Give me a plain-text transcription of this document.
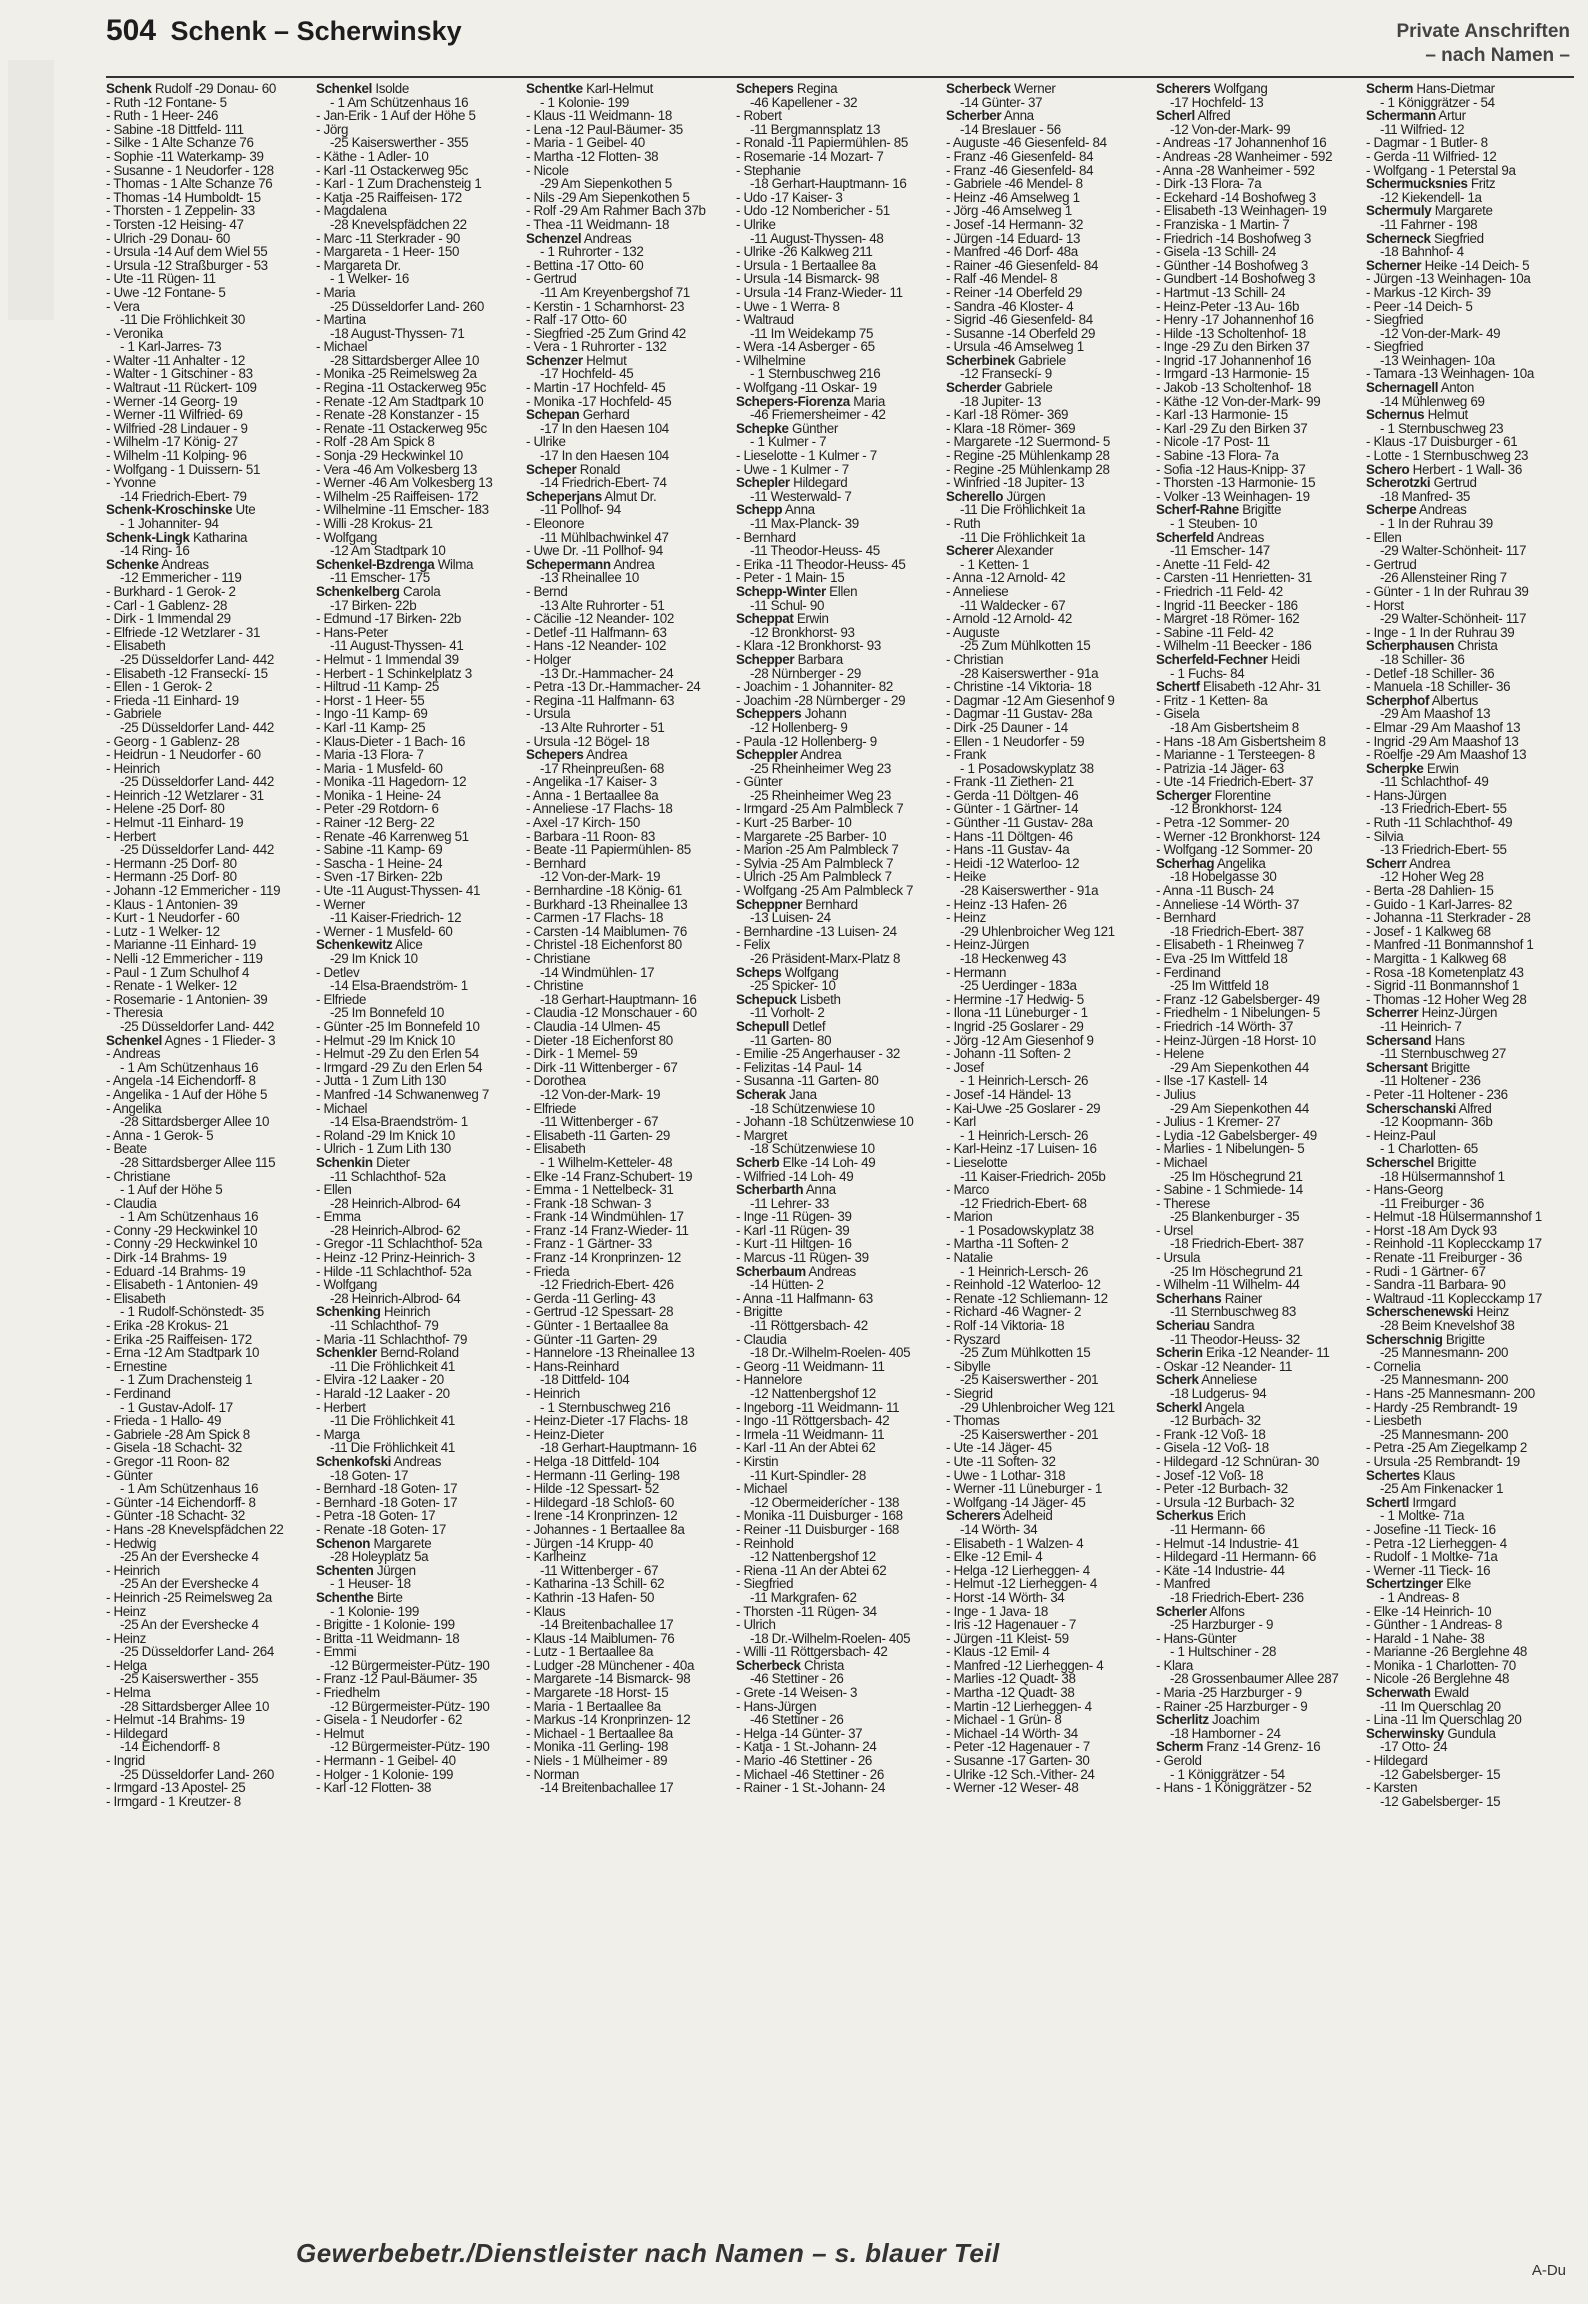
504 Schenk – Scherwinsky	Private Anschriften
– nach Namen –
Schenk Rudolf -29 Donau- 60
- Ruth -12 Fontane- 5
- Ruth - 1 Heer- 246
- Sabine -18 Dittfeld- 111
- Silke - 1 Alte Schanze 76
- Sophie -11 Waterkamp- 39
- Susanne - 1 Neudorfer - 128
- Thomas - 1 Alte Schanze 76
- Thomas -14 Humboldt- 15
- Thorsten - 1 Zeppelin- 33
- Torsten -12 Heising- 47
- Ulrich -29 Donau- 60
- Ursula -14 Auf dem Wiel 55
- Ursula -12 Straßburger - 53
- Ute -11 Rügen- 11
- Uwe -12 Fontane- 5
- Vera
-11 Die Fröhlichkeit 30
- Veronika
- 1 Karl-Jarres- 73
- Walter -11 Anhalter - 12
- Walter - 1 Gitschiner - 83
- Waltraut -11 Rückert- 109
- Werner -14 Georg- 19
- Werner -11 Wilfried- 69
- Wilfried -28 Lindauer - 9
- Wilhelm -17 König- 27
- Wilhelm -11 Kolping- 96
- Wolfgang - 1 Duissern- 51
- Yvonne
-14 Friedrich-Ebert- 79
Schenk-Kroschinske Ute
- 1 Johanniter- 94
Schenk-Lingk Katharina
-14 Ring- 16
Schenke Andreas
-12 Emmericher - 119
- Burkhard - 1 Gerok- 2
- Carl - 1 Gablenz- 28
- Dirk - 1 Immendal 29
- Elfriede -12 Wetzlarer - 31
- Elisabeth
-25 Düsseldorfer Land- 442
- Elisabeth -12 Franseckí- 15
- Ellen - 1 Gerok- 2
- Frieda -11 Einhard- 19
- Gabriele
-25 Düsseldorfer Land- 442
- Georg - 1 Gablenz- 28
- Heidrun - 1 Neudorfer - 60
- Heinrich
-25 Düsseldorfer Land- 442
- Heinrich -12 Wetzlarer - 31
- Helene -25 Dorf- 80
- Helmut -11 Einhard- 19
- Herbert
-25 Düsseldorfer Land- 442
- Hermann -25 Dorf- 80
- Hermann -25 Dorf- 80
- Johann -12 Emmericher - 119
- Klaus - 1 Antonien- 39
- Kurt - 1 Neudorfer - 60
- Lutz - 1 Welker- 12
- Marianne -11 Einhard- 19
- Nelli -12 Emmericher - 119
- Paul - 1 Zum Schulhof 4
- Renate - 1 Welker- 12
- Rosemarie - 1 Antonien- 39
- Theresia
-25 Düsseldorfer Land- 442
Schenkel Agnes - 1 Flieder- 3
- Andreas
- 1 Am Schützenhaus 16
- Angela -14 Eichendorff- 8
- Angelika - 1 Auf der Höhe 5
- Angelika
-28 Sittardsberger Allee 10
- Anna - 1 Gerok- 5
- Beate
-28 Sittardsberger Allee 115
- Christiane
- 1 Auf der Höhe 5
- Claudia
- 1 Am Schützenhaus 16
- Conny -29 Heckwinkel 10
- Conny -29 Heckwinkel 10
- Dirk -14 Brahms- 19
- Eduard -14 Brahms- 19
- Elisabeth - 1 Antonien- 49
- Elisabeth
- 1 Rudolf-Schönstedt- 35
- Erika -28 Krokus- 21
- Erika -25 Raiffeisen- 172
- Erna -12 Am Stadtpark 10
- Ernestine
- 1 Zum Drachensteig 1
- Ferdinand
- 1 Gustav-Adolf- 17
- Frieda - 1 Hallo- 49
- Gabriele -28 Am Spick 8
- Gisela -18 Schacht- 32
- Gregor -11 Roon- 82
- Günter
- 1 Am Schützenhaus 16
- Günter -14 Eichendorff- 8
- Günter -18 Schacht- 32
- Hans -28 Knevelspfädchen 22
- Hedwig
-25 An der Eversheckе 4
- Heinrich
-25 An der Eversheckе 4
- Heinrich -25 Reimelsweg 2a
- Heinz
-25 An der Eversheckе 4
- Heinz
-25 Düsseldorfer Land- 264
- Helga
-25 Kaiserswerther - 355
- Helma
-28 Sittardsberger Allee 10
- Helmut -14 Brahms- 19
- Hildegard
-14 Eichendorff- 8
- Ingrid
-25 Düsseldorfer Land- 260
- Irmgard -13 Apostel- 25
- Irmgard - 1 Kreutzer- 8
Schenkel Isolde
- 1 Am Schützenhaus 16
- Jan-Erik - 1 Auf der Höhe 5
- Jörg
-25 Kaiserswerther - 355
- Käthe - 1 Adler- 10
- Karl -11 Ostackerweg 95c
- Karl - 1 Zum Drachensteig 1
- Katja -25 Raiffeisen- 172
- Magdalena
-28 Knevelspfädchen 22
- Marc -11 Sterkrader - 90
- Margareta - 1 Heer- 150
- Margareta Dr.
- 1 Welker- 16
- Maria
-25 Düsseldorfer Land- 260
- Martina
-18 August-Thyssen- 71
- Michael
-28 Sittardsberger Allee 10
- Monika -25 Reimelsweg 2a
- Regina -11 Ostackerweg 95c
- Renate -12 Am Stadtpark 10
- Renate -28 Konstanzer - 15
- Renate -11 Ostackerweg 95c
- Rolf -28 Am Spick 8
- Sonja -29 Heckwinkel 10
- Vera -46 Am Volkesberg 13
- Werner -46 Am Volkesberg 13
- Wilhelm -25 Raiffeisen- 172
- Wilhelmine -11 Emscher- 183
- Willi -28 Krokus- 21
- Wolfgang
-12 Am Stadtpark 10
Schenkel-Bzdrenga Wilma
-11 Emscher- 175
Schenkelberg Carola
-17 Birken- 22b
- Edmund -17 Birken- 22b
- Hans-Peter
-11 August-Thyssen- 41
- Helmut - 1 Immendal 39
- Herbert - 1 Schinkelplatz 3
- Hiltrud -11 Kamp- 25
- Horst - 1 Heer- 55
- Ingo -11 Kamp- 69
- Karl -11 Kamp- 25
- Klaus-Dieter - 1 Bach- 16
- Maria -13 Flora- 7
- Maria - 1 Musfeld- 60
- Monika -11 Hagedorn- 12
- Monika - 1 Heine- 24
- Peter -29 Rotdorn- 6
- Rainer -12 Berg- 22
- Renate -46 Karrenweg 51
- Sabine -11 Kamp- 69
- Sascha - 1 Heine- 24
- Sven -17 Birken- 22b
- Ute -11 August-Thyssen- 41
- Werner
-11 Kaiser-Friedrich- 12
- Werner - 1 Musfeld- 60
Schenkewitz Alice
-29 Im Knick 10
- Detlev
-14 Elsa-Braendström- 1
- Elfriede
-25 Im Bonnefeld 10
- Günter -25 Im Bonnefeld 10
- Helmut -29 Im Knick 10
- Helmut -29 Zu den Erlen 54
- Irmgard -29 Zu den Erlen 54
- Jutta - 1 Zum Lith 130
- Manfred -14 Schwanenweg 7
- Michael
-14 Elsa-Braendström- 1
- Roland -29 Im Knick 10
- Ulrich - 1 Zum Lith 130
Schenkin Dieter
-11 Schlachthof- 52a
- Ellen
-28 Heinrich-Albrod- 64
- Emma
-28 Heinrich-Albrod- 62
- Gregor -11 Schlachthof- 52a
- Heinz -12 Prinz-Heinrich- 3
- Hilde -11 Schlachthof- 52a
- Wolfgang
-28 Heinrich-Albrod- 64
Schenking Heinrich
-11 Schlachthof- 79
- Maria -11 Schlachthof- 79
Schenkler Bernd-Roland
-11 Die Fröhlichkeit 41
- Elvira -12 Laaker - 20
- Harald -12 Laaker - 20
- Herbert
-11 Die Fröhlichkeit 41
- Marga
-11 Die Fröhlichkeit 41
Schenkofski Andreas
-18 Goten- 17
- Bernhard -18 Goten- 17
- Bernhard -18 Goten- 17
- Petra -18 Goten- 17
- Renate -18 Goten- 17
Schenon Margarete
-28 Holeyplatz 5a
Schenten Jürgen
- 1 Heuser- 18
Schenthe Birte
- 1 Kolonie- 199
- Brigitte - 1 Kolonie- 199
- Britta -11 Weidmann- 18
- Emmi
-12 Bürgermeister-Pütz- 190
- Franz -12 Paul-Bäumer- 35
- Friedhelm
-12 Bürgermeister-Pütz- 190
- Gisela - 1 Neudorfer - 62
- Helmut
-12 Bürgermeister-Pütz- 190
- Hermann - 1 Geibel- 40
- Holger - 1 Kolonie- 199
- Karl -12 Flotten- 38
Schentke Karl-Helmut
- 1 Kolonie- 199
- Klaus -11 Weidmann- 18
- Lena -12 Paul-Bäumer- 35
- Maria - 1 Geibel- 40
- Martha -12 Flotten- 38
- Nicole
-29 Am Siepenkothen 5
- Nils -29 Am Siepenkothen 5
- Rolf -29 Am Rahmer Bach 37b
- Thea -11 Weidmann- 18
Schenzel Andreas
- 1 Ruhrorter - 132
- Bettina -17 Otto- 60
- Gertrud
-11 Am Kreyenbergshof 71
- Kerstin - 1 Scharnhorst- 23
- Ralf -17 Otto- 60
- Siegfried -25 Zum Grind 42
- Vera - 1 Ruhrorter - 132
Schenzer Helmut
-17 Hochfeld- 45
- Martin -17 Hochfeld- 45
- Monika -17 Hochfeld- 45
Schepan Gerhard
-17 In den Haesen 104
- Ulrike
-17 In den Haesen 104
Scheper Ronald
-14 Friedrich-Ebert- 74
Scheperjans Almut Dr.
-11 Pollhof- 94
- Eleonore
-11 Mühlbachwinkel 47
- Uwe Dr. -11 Pollhof- 94
Schepermann Andrea
-13 Rheinallee 10
- Bernd
-13 Alte Ruhrorter - 51
- Cäcilie -12 Neander- 102
- Detlef -11 Halfmann- 63
- Hans -12 Neander- 102
- Holger
-13 Dr.-Hammacher- 24
- Petra -13 Dr.-Hammacher- 24
- Regina -11 Halfmann- 63
- Ursula
-13 Alte Ruhrorter - 51
- Ursula -12 Bögel- 18
Schepers Andrea
-17 Rheinpreußen- 68
- Angelika -17 Kaiser- 3
- Anna - 1 Bertaallee 8a
- Anneliese -17 Flachs- 18
- Axel -17 Kirch- 150
- Barbara -11 Roon- 83
- Beate -11 Papiermühlen- 85
- Bernhard
-12 Von-der-Mark- 19
- Bernhardine -18 König- 61
- Burkhard -13 Rheinallee 13
- Carmen -17 Flachs- 18
- Carsten -14 Maiblumen- 76
- Christel -18 Eichenforst 80
- Christiane
-14 Windmühlen- 17
- Christine
-18 Gerhart-Hauptmann- 16
- Claudia -12 Monschauer - 60
- Claudia -14 Ulmen- 45
- Dieter -18 Eichenforst 80
- Dirk - 1 Memel- 59
- Dirk -11 Wittenberger - 67
- Dorothea
-12 Von-der-Mark- 19
- Elfriede
-11 Wittenberger - 67
- Elisabeth -11 Garten- 29
- Elisabeth
- 1 Wilhelm-Ketteler- 48
- Elke -14 Franz-Schubert- 19
- Emma - 1 Nettelbeck- 31
- Frank -18 Schwan- 3
- Frank -14 Windmühlen- 17
- Franz -14 Franz-Wieder- 11
- Franz - 1 Gärtner- 33
- Franz -14 Kronprinzen- 12
- Frieda
-12 Friedrich-Ebert- 426
- Gerda -11 Gerling- 43
- Gertrud -12 Spessart- 28
- Günter - 1 Bertaallee 8a
- Günter -11 Garten- 29
- Hannelore -13 Rheinallee 13
- Hans-Reinhard
-18 Dittfeld- 104
- Heinrich
- 1 Sternbuschweg 216
- Heinz-Dieter -17 Flachs- 18
- Heinz-Dieter
-18 Gerhart-Hauptmann- 16
- Helga -18 Dittfeld- 104
- Hermann -11 Gerling- 198
- Hilde -12 Spessart- 52
- Hildegard -18 Schloß- 60
- Irene -14 Kronprinzen- 12
- Johannes - 1 Bertaallee 8a
- Jürgen -14 Krupp- 40
- Karlheinz
-11 Wittenberger - 67
- Katharina -13 Schill- 62
- Kathrin -13 Hafen- 50
- Klaus
-14 Breitenbachallee 17
- Klaus -14 Maiblumen- 76
- Lutz - 1 Bertaallee 8a
- Ludger -28 Münchener - 40a
- Margarete -14 Bismarck- 98
- Margarete -18 Horst- 15
- Maria - 1 Bertaallee 8a
- Markus -14 Kronprinzen- 12
- Michael - 1 Bertaallee 8a
- Monika -11 Gerling- 198
- Niels - 1 Mülheimer - 89
- Norman
-14 Breitenbachallee 17
Schepers Regina
-46 Kapellener - 32
- Robert
-11 Bergmannsplatz 13
- Ronald -11 Papiermühlen- 85
- Rosemarie -14 Mozart- 7
- Stephanie
-18 Gerhart-Hauptmann- 16
- Udo -17 Kaiser- 3
- Udo -12 Nombericher - 51
- Ulrike
-11 August-Thyssen- 48
- Ulrike -26 Kalkweg 211
- Ursula - 1 Bertaallee 8a
- Ursula -14 Bismarck- 98
- Ursula -14 Franz-Wieder- 11
- Uwe - 1 Werra- 8
- Waltraud
-11 Im Weidekamp 75
- Wera -14 Asberger - 65
- Wilhelmine
- 1 Sternbuschweg 216
- Wolfgang -11 Oskar- 19
Schepers-Fiorenza Maria
-46 Friemersheimer - 42
Schepke Günther
- 1 Kulmer - 7
- Lieselotte - 1 Kulmer - 7
- Uwe - 1 Kulmer - 7
Schepler Hildegard
-11 Westerwald- 7
Schepp Anna
-11 Max-Planck- 39
- Bernhard
-11 Theodor-Heuss- 45
- Erika -11 Theodor-Heuss- 45
- Peter - 1 Main- 15
Schepp-Winter Ellen
-11 Schul- 90
Scheppat Erwin
-12 Bronkhorst- 93
- Klara -12 Bronkhorst- 93
Schepper Barbara
-28 Nürnberger - 29
- Joachim - 1 Johanniter- 82
- Joachim -28 Nürnberger - 29
Scheppers Johann
-12 Hollenberg- 9
- Paula -12 Hollenberg- 9
Scheppler Andrea
-25 Rheinheimer Weg 23
- Günter
-25 Rheinheimer Weg 23
- Irmgard -25 Am Palmbleck 7
- Kurt -25 Barber- 10
- Margarete -25 Barber- 10
- Marion -25 Am Palmbleck 7
- Sylvia -25 Am Palmbleck 7
- Ulrich -25 Am Palmbleck 7
- Wolfgang -25 Am Palmbleck 7
Scheppner Bernhard
-13 Luisen- 24
- Bernhardine -13 Luisen- 24
- Felix
-26 Präsident-Marx-Platz 8
Scheps Wolfgang
-25 Spicker- 10
Schepuck Lisbeth
-11 Vorholt- 2
Schepull Detlef
-11 Garten- 80
- Emilie -25 Angerhauser - 32
- Felizitas -14 Paul- 14
- Susanna -11 Garten- 80
Scherak Jana
-18 Schützenwiese 10
- Johann -18 Schützenwiese 10
- Margret
-18 Schützenwiese 10
Scherb Elke -14 Loh- 49
- Wilfried -14 Loh- 49
Scherbarth Anna
-11 Lehrer- 33
- Inge -11 Rügen- 39
- Karl -11 Rügen- 39
- Kurt -11 Hiltgen- 16
- Marcus -11 Rügen- 39
Scherbaum Andreas
-14 Hütten- 2
- Anna -11 Halfmann- 63
- Brigitte
-11 Röttgersbach- 42
- Claudia
-18 Dr.-Wilhelm-Roelen- 405
- Georg -11 Weidmann- 11
- Hannelore
-12 Nattenbergshof 12
- Ingeborg -11 Weidmann- 11
- Ingo -11 Röttgersbach- 42
- Irmela -11 Weidmann- 11
- Karl -11 An der Abtei 62
- Kirstin
-11 Kurt-Spindler- 28
- Michael
-12 Obermeiderícher - 138
- Monika -11 Duisburger - 168
- Reiner -11 Duisburger - 168
- Reinhold
-12 Nattenbergshof 12
- Riena -11 An der Abtei 62
- Siegfried
-11 Markgrafen- 62
- Thorsten -11 Rügen- 34
- Ulrich
-18 Dr.-Wilhelm-Roelen- 405
- Willi -11 Röttgersbach- 42
Scherbeck Christa
-46 Stettiner - 26
- Grete -14 Weisen- 3
- Hans-Jürgen
-46 Stettiner - 26
- Helga -14 Günter- 37
- Katja - 1 St.-Johann- 24
- Mario -46 Stettiner - 26
- Michael -46 Stettiner - 26
- Rainer - 1 St.-Johann- 24
Scherbeck Werner
-14 Günter- 37
Scherber Anna
-14 Breslauer - 56
- Auguste -46 Giesenfeld- 84
- Franz -46 Giesenfeld- 84
- Franz -46 Giesenfeld- 84
- Gabriele -46 Mendel- 8
- Heinz -46 Amselweg 1
- Jörg -46 Amselweg 1
- Josef -14 Hermann- 32
- Jürgen -14 Eduard- 13
- Manfred -46 Dorf- 48a
- Rainer -46 Giesenfeld- 84
- Ralf -46 Mendel- 8
- Reiner -14 Oberfeld 29
- Sandra -46 Kloster- 4
- Sigrid -46 Giesenfeld- 84
- Susanne -14 Oberfeld 29
- Ursula -46 Amselweg 1
Scherbinek Gabriele
-12 Franseckí- 9
Scherder Gabriele
-18 Jupiter- 13
- Karl -18 Römer- 369
- Klara -18 Römer- 369
- Margarete -12 Suermond- 5
- Regine -25 Mühlenkamp 28
- Regine -25 Mühlenkamp 28
- Winfried -18 Jupiter- 13
Scherello Jürgen
-11 Die Fröhlichkeit 1a
- Ruth
-11 Die Fröhlichkeit 1a
Scherer Alexander
- 1 Ketten- 1
- Anna -12 Arnold- 42
- Anneliese
-11 Waldecker - 67
- Arnold -12 Arnold- 42
- Auguste
-25 Zum Mühlkotten 15
- Christian
-28 Kaiserswerther - 91a
- Christine -14 Viktoria- 18
- Dagmar -12 Am Giesenhof 9
- Dagmar -11 Gustav- 28a
- Dirk -25 Dauner - 14
- Ellen - 1 Neudorfer - 59
- Frank
- 1 Posadowskyplatz 38
- Frank -11 Ziethen- 21
- Gerda -11 Döltgen- 46
- Günter - 1 Gärtner- 14
- Günther -11 Gustav- 28a
- Hans -11 Döltgen- 46
- Hans -11 Gustav- 4a
- Heidi -12 Waterloo- 12
- Heike
-28 Kaiserswerther - 91a
- Heinz -13 Hafen- 26
- Heinz
-29 Uhlenbroicher Weg 121
- Heinz-Jürgen
-18 Heckenweg 43
- Hermann
-25 Uerdinger - 183a
- Hermine -17 Hedwig- 5
- Ilona -11 Lüneburger - 1
- Ingrid -25 Goslarer - 29
- Jörg -12 Am Giesenhof 9
- Johann -11 Soften- 2
- Josef
- 1 Heinrich-Lersch- 26
- Josef -14 Händel- 13
- Kai-Uwe -25 Goslarer - 29
- Karl
- 1 Heinrich-Lersch- 26
- Karl-Heinz -17 Luisen- 16
- Lieselotte
-11 Kaiser-Friedrich- 205b
- Marco
-12 Friedrich-Ebert- 68
- Marion
- 1 Posadowskyplatz 38
- Martha -11 Soften- 2
- Natalie
- 1 Heinrich-Lersch- 26
- Reinhold -12 Waterloo- 12
- Renate -12 Schliemann- 12
- Richard -46 Wagner- 2
- Rolf -14 Viktoria- 18
- Ryszard
-25 Zum Mühlkotten 15
- Sibylle
-25 Kaiserswerther - 201
- Siegrid
-29 Uhlenbroicher Weg 121
- Thomas
-25 Kaiserswerther - 201
- Ute -14 Jäger- 45
- Ute -11 Soften- 32
- Uwe - 1 Lothar- 318
- Werner -11 Lüneburger - 1
- Wolfgang -14 Jäger- 45
Scherers Adelheid
-14 Wörth- 34
- Elisabeth - 1 Walzen- 4
- Elke -12 Emil- 4
- Helga -12 Lierheggen- 4
- Helmut -12 Lierheggen- 4
- Horst -14 Wörth- 34
- Inge - 1 Java- 18
- Iris -12 Hagenauer - 7
- Jürgen -11 Kleist- 59
- Klaus -12 Emil- 4
- Manfred -12 Lierheggen- 4
- Marlies -12 Quadt- 38
- Martha -12 Quadt- 38
- Martin -12 Lierheggen- 4
- Michael - 1 Grün- 8
- Michael -14 Wörth- 34
- Peter -12 Hagenauer - 7
- Susanne -17 Garten- 30
- Ulrike -12 Sch.-Vither- 24
- Werner -12 Weser- 48
Scherers Wolfgang
-17 Hochfeld- 13
Scherl Alfred
-12 Von-der-Mark- 99
- Andreas -17 Johannenhof 16
- Andreas -28 Wanheimer - 592
- Anna -28 Wanheimer - 592
- Dirk -13 Flora- 7a
- Eckehard -14 Boshofweg 3
- Elisabeth -13 Weinhagen- 19
- Franziska - 1 Martin- 7
- Friedrich -14 Boshofweg 3
- Gisela -13 Schill- 24
- Günther -14 Boshofweg 3
- Gundbert -14 Boshofweg 3
- Hartmut -13 Schill- 24
- Heinz-Peter -13 Au- 16b
- Henry -17 Johannenhof 16
- Hilde -13 Scholtenhof- 18
- Inge -29 Zu den Birken 37
- Ingrid -17 Johannenhof 16
- Irmgard -13 Harmonie- 15
- Jakob -13 Scholtenhof- 18
- Käthe -12 Von-der-Mark- 99
- Karl -13 Harmonie- 15
- Karl -29 Zu den Birken 37
- Nicole -17 Post- 11
- Sabine -13 Flora- 7a
- Sofia -12 Haus-Knipp- 37
- Thorsten -13 Harmonie- 15
- Volker -13 Weinhagen- 19
Scherf-Rahne Brigitte
- 1 Steuben- 10
Scherfeld Andreas
-11 Emscher- 147
- Anette -11 Feld- 42
- Carsten -11 Henrietten- 31
- Friedrich -11 Feld- 42
- Ingrid -11 Beecker - 186
- Margret -18 Römer- 162
- Sabine -11 Feld- 42
- Wilhelm -11 Beecker - 186
Scherfeld-Fechner Heidi
- 1 Fuchs- 84
Schertf Elisabeth -12 Ahr- 31
- Fritz - 1 Ketten- 8a
- Gisela
-18 Am Gisbertsheim 8
- Hans -18 Am Gisbertsheim 8
- Marianne - 1 Tersteegen- 8
- Patrizia -14 Jäger- 63
- Ute -14 Friedrich-Ebert- 37
Scherger Florentine
-12 Bronkhorst- 124
- Petra -12 Sommer- 20
- Werner -12 Bronkhorst- 124
- Wolfgang -12 Sommer- 20
Scherhag Angelika
-18 Hobelgasse 30
- Anna -11 Busch- 24
- Anneliese -14 Wörth- 37
- Bernhard
-18 Friedrich-Ebert- 387
- Elisabeth - 1 Rheinweg 7
- Eva -25 Im Wittfeld 18
- Ferdinand
-25 Im Wittfeld 18
- Franz -12 Gabelsberger- 49
- Friedhelm - 1 Nibelungen- 5
- Friedrich -14 Wörth- 37
- Heinz-Jürgen -18 Horst- 10
- Helene
-29 Am Siepenkothen 44
- Ilse -17 Kastell- 14
- Julius
-29 Am Siepenkothen 44
- Julius - 1 Kremer- 27
- Lydia -12 Gabelsberger- 49
- Marlies - 1 Nibelungen- 5
- Michael
-25 Im Höschegrund 21
- Sabine - 1 Schmiede- 14
- Therese
-25 Blankenburger - 35
- Ursel
-18 Friedrich-Ebert- 387
- Ursula
-25 Im Höschegrund 21
- Wilhelm -11 Wilhelm- 44
Scherhans Rainer
-11 Sternbuschweg 83
Scheriau Sandra
-11 Theodor-Heuss- 32
Scherin Erika -12 Neander- 11
- Oskar -12 Neander- 11
Scherk Anneliese
-18 Ludgerus- 94
Scherkl Angela
-12 Burbach- 32
- Frank -12 Voß- 18
- Gisela -12 Voß- 18
- Hildegard -12 Schnüran- 30
- Josef -12 Voß- 18
- Peter -12 Burbach- 32
- Ursula -12 Burbach- 32
Scherkus Erich
-11 Hermann- 66
- Helmut -14 Industrie- 41
- Hildegard -11 Hermann- 66
- Käte -14 Industrie- 44
- Manfred
-18 Friedrich-Ebert- 236
Scherler Alfons
-25 Harzburger - 9
- Hans-Günter
- 1 Hultschiner - 28
- Klara
-28 Grossenbaumer Allee 287
- Maria -25 Harzburger - 9
- Rainer -25 Harzburger - 9
Scherlitz Joachim
-18 Hamborner - 24
Scherm Franz -14 Grenz- 16
- Gerold
- 1 Königgrätzer - 54
- Hans - 1 Königgrätzer - 52
Scherm Hans-Dietmar
- 1 Königgrätzer - 54
Schermann Artur
-11 Wilfried- 12
- Dagmar - 1 Butler- 8
- Gerda -11 Wilfried- 12
- Wolfgang - 1 Peterstal 9a
Schermucksnies Fritz
-12 Kiekendell- 1a
Schermuly Margarete
-11 Fahrner - 198
Scherneck Siegfried
-18 Bahnhof- 4
Scherner Heike -14 Deich- 5
- Jürgen -13 Weinhagen- 10a
- Markus -12 Kirch- 39
- Peer -14 Deich- 5
- Siegfried
-12 Von-der-Mark- 49
- Siegfried
-13 Weinhagen- 10a
- Tamara -13 Weinhagen- 10a
Schernagell Anton
-14 Mühlenweg 69
Schernus Helmut
- 1 Sternbuschweg 23
- Klaus -17 Duisburger - 61
- Lotte - 1 Sternbuschweg 23
Schero Herbert - 1 Wall- 36
Scherotzki Gertrud
-18 Manfred- 35
Scherpe Andreas
- 1 In der Ruhrau 39
- Ellen
-29 Walter-Schönheit- 117
- Gertrud
-26 Allensteiner Ring 7
- Günter - 1 In der Ruhrau 39
- Horst
-29 Walter-Schönheit- 117
- Inge - 1 In der Ruhrau 39
Scherphausen Christa
-18 Schiller- 36
- Detlef -18 Schiller- 36
- Manuela -18 Schiller- 36
Scherphof Albertus
-29 Am Maashof 13
- Elmar -29 Am Maashof 13
- Ingrid -29 Am Maashof 13
- Roelfje -29 Am Maashof 13
Scherpke Erwin
-11 Schlachthof- 49
- Hans-Jürgen
-13 Friedrich-Ebert- 55
- Ruth -11 Schlachthof- 49
- Silvia
-13 Friedrich-Ebert- 55
Scherr Andrea
-12 Hoher Weg 28
- Berta -28 Dahlien- 15
- Guido - 1 Karl-Jarres- 82
- Johanna -11 Sterkrader - 28
- Josef - 1 Kalkweg 68
- Manfred -11 Bonmannshof 1
- Margitta - 1 Kalkweg 68
- Rosa -18 Kometenplatz 43
- Sigrid -11 Bonmannshof 1
- Thomas -12 Hoher Weg 28
Scherrer Heinz-Jürgen
-11 Heinrich- 7
Schersand Hans
-11 Sternbuschweg 27
Schersant Brigitte
-11 Holtener - 236
- Peter -11 Holtener - 236
Scherschanski Alfred
-12 Koopmann- 36b
- Heinz-Paul
- 1 Charlotten- 65
Scherschel Brigitte
-18 Hülsermannshof 1
- Hans-Georg
-11 Freiburger - 36
- Helmut -18 Hülsermannshof 1
- Horst -18 Am Dyck 93
- Reinhold -11 Koplecckamp 17
- Renate -11 Freiburger - 36
- Rudi - 1 Gärtner- 67
- Sandra -11 Barbara- 90
- Waltraud -11 Koplecckamp 17
Scherschenewski Heinz
-28 Beim Knevelshof 38
Scherschnig Brigitte
-25 Mannesmann- 200
- Cornelia
-25 Mannesmann- 200
- Hans -25 Mannesmann- 200
- Hardy -25 Rembrandt- 19
- Liesbeth
-25 Mannesmann- 200
- Petra -25 Am Ziegelkamp 2
- Ursula -25 Rembrandt- 19
Schertes Klaus
-25 Am Finkenacker 1
Schertl Irmgard
- 1 Moltke- 71a
- Josefine -11 Tieck- 16
- Petra -12 Lierheggen- 4
- Rudolf - 1 Moltke- 71a
- Werner -11 Tieck- 16
Schertzinger Elke
- 1 Andreas- 8
- Elke -14 Heinrich- 10
- Günther - 1 Andreas- 8
- Harald - 1 Nahe- 38
- Marianne -26 Berglehne 48
- Monika - 1 Charlotten- 70
- Nicole -26 Berglehne 48
Scherwath Ewald
-11 Im Querschlag 20
- Lina -11 Im Querschlag 20
Scherwinsky Gundula
-17 Otto- 24
- Hildegard
-12 Gabelsberger- 15
- Karsten
-12 Gabelsberger- 15
Gewerbebetr./Dienstleister nach Namen – s. blauer Teil
A-Du
